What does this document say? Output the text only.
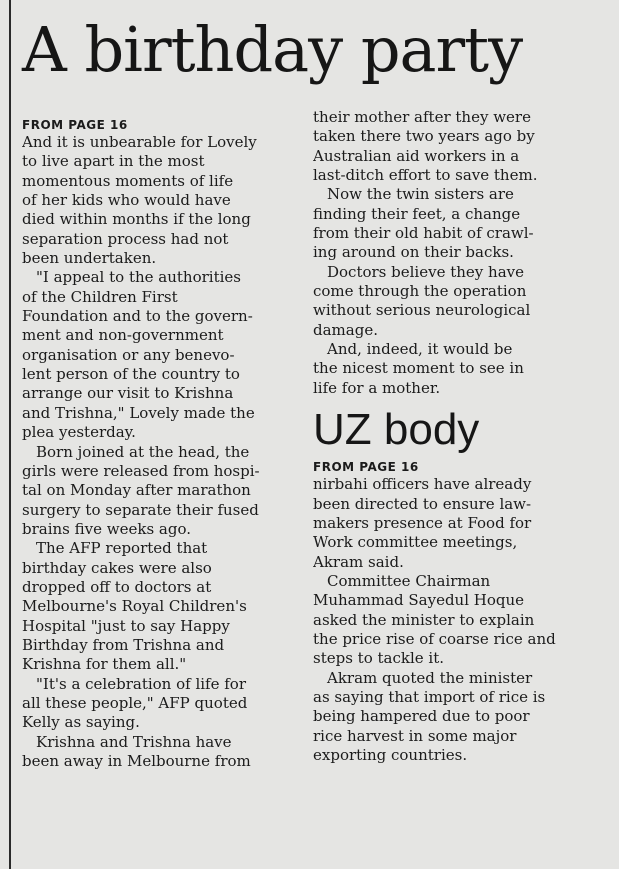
A birthday party
FROM PAGE 16

And it is unbearable for Lovely
to live apart in the most
momentous moments of life
of her kids who would have
died within months if the long
separation process had not
been undertaken.

"I appeal to the authorities
of the Children First
Foundation and to the govern-
ment and non-government
organisation or any benevo-
lent person of the country to
arrange our visit to Krishna
and Trishna," Lovely made the
plea yesterday.

Born joined at the head, the
girls were released from hospi-
tal on Monday after marathon
surgery to separate their fused
brains five weeks ago.

The AFP reported that
birthday cakes were also
dropped off to doctors at
Melbourne's Royal Children's
Hospital "just to say Happy
Birthday from Trishna and
Krishna for them all."

"It's a celebration of life for
all these people," AFP quoted
Kelly as saying.

Krishna and Trishna have
been away in Melbourne from

their mother after they were
taken there two years ago by
Australian aid workers in a
last-ditch effort to save them.

Now the twin sisters are
finding their feet, a change
from their old habit of crawl-
ing around on their backs.

Doctors believe they have
come through the operation
without serious neurological
damage.

And, indeed, it would be
the nicest moment to see in
life for a mother.

UZ body
FROM PAGE 16

nirbahi officers have already
been directed to ensure law-
makers presence at Food for
Work committee meetings,
Akram said.

Committee Chairman
Muhammad Sayedul Hoque
asked the minister to explain
the price rise of coarse rice and
steps to tackle it.

Akram quoted the minister
as saying that import of rice is
being hampered due to poor
rice harvest in some major
exporting countries.
